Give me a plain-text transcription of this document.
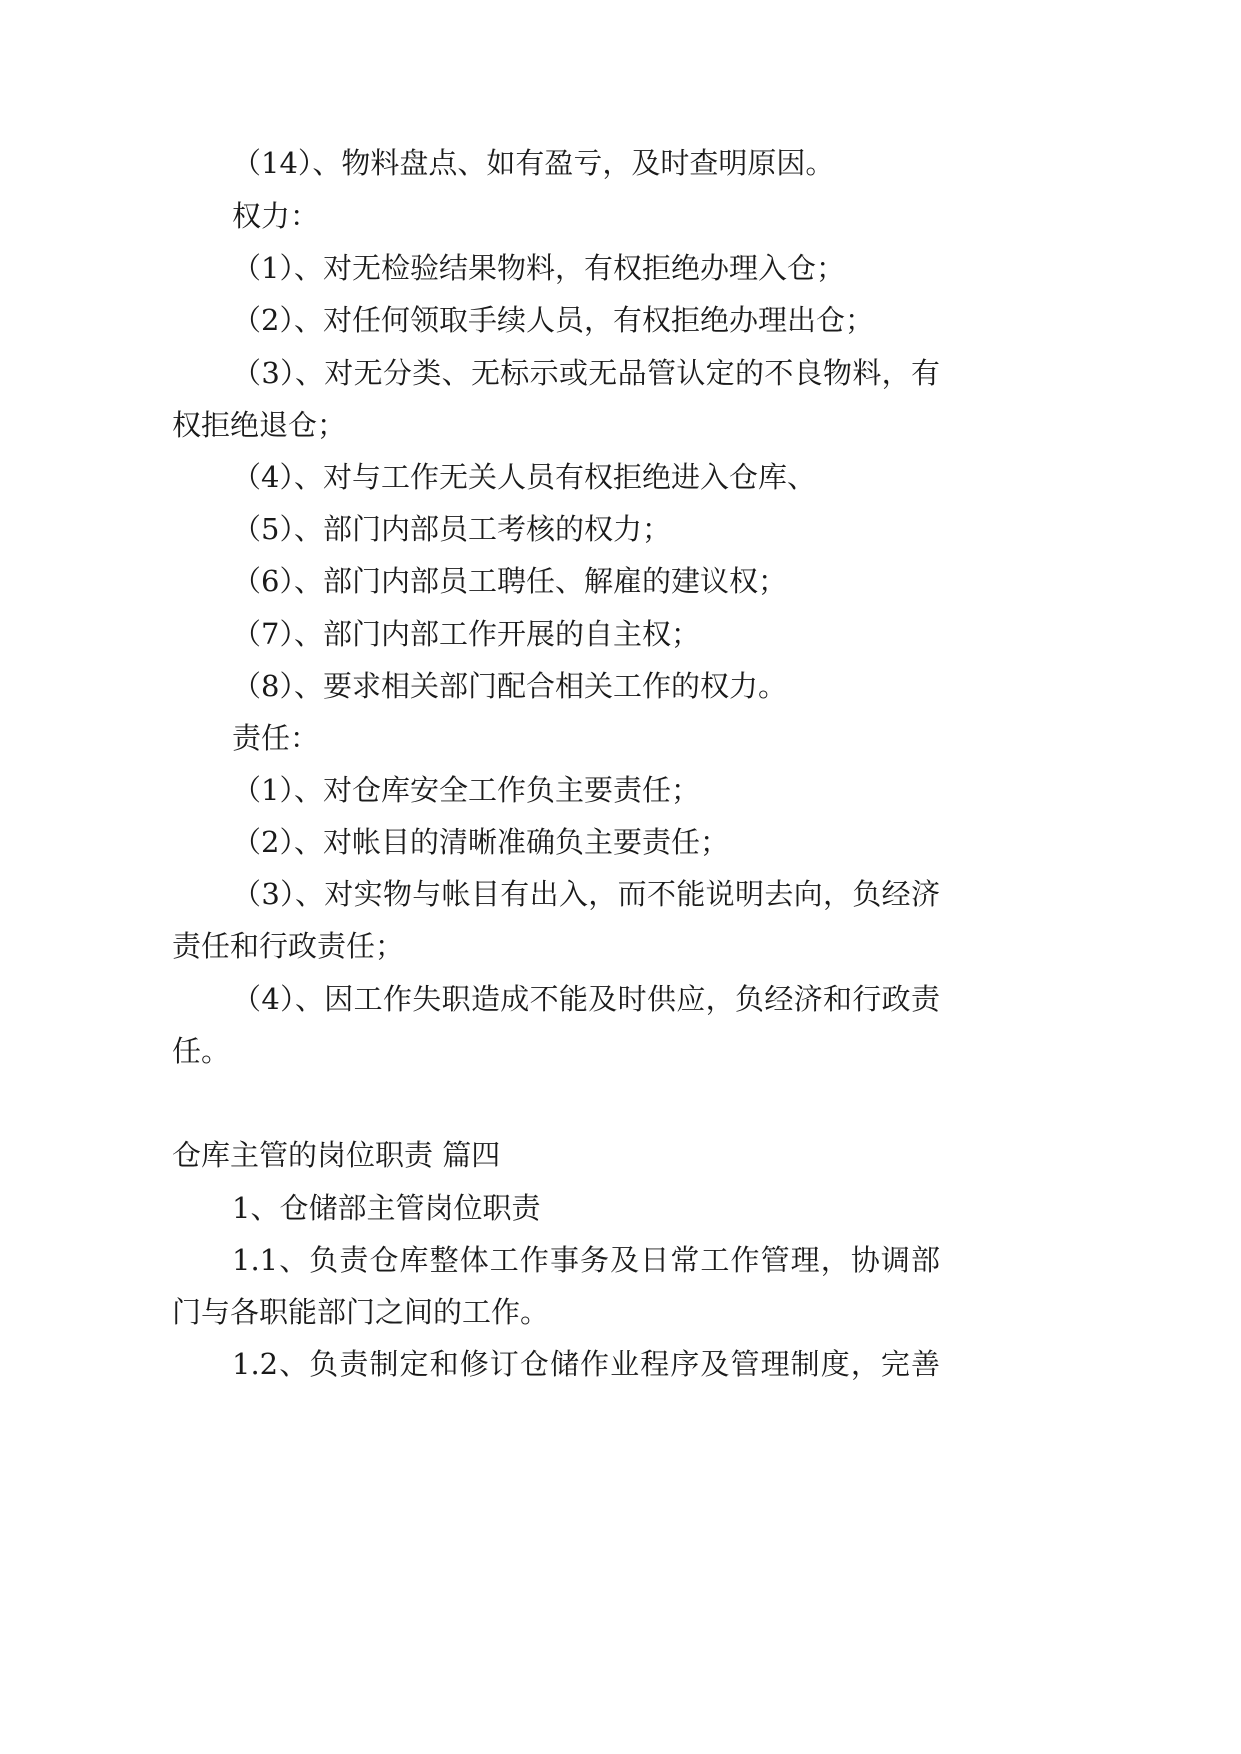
（14）、物料盘点、如有盈亏，及时查明原因。
权力：
（1）、对无检验结果物料，有权拒绝办理入仓；
（2）、对任何领取手续人员，有权拒绝办理出仓；
（3）、对无分类、无标示或无品管认定的不良物料，有
权拒绝退仓；
（4）、对与工作无关人员有权拒绝进入仓库、
（5）、部门内部员工考核的权力；
（6）、部门内部员工聘任、解雇的建议权；
（7）、部门内部工作开展的自主权；
（8）、要求相关部门配合相关工作的权力。
责任：
（1）、对仓库安全工作负主要责任；
（2）、对帐目的清晰准确负主要责任；
（3）、对实物与帐目有出入，而不能说明去向，负经济
责任和行政责任；
（4）、因工作失职造成不能及时供应，负经济和行政责
任。
仓库主管的岗位职责 篇四
1、仓储部主管岗位职责
1.1、负责仓库整体工作事务及日常工作管理，协调部
门与各职能部门之间的工作。
1.2、负责制定和修订仓储作业程序及管理制度，完善
